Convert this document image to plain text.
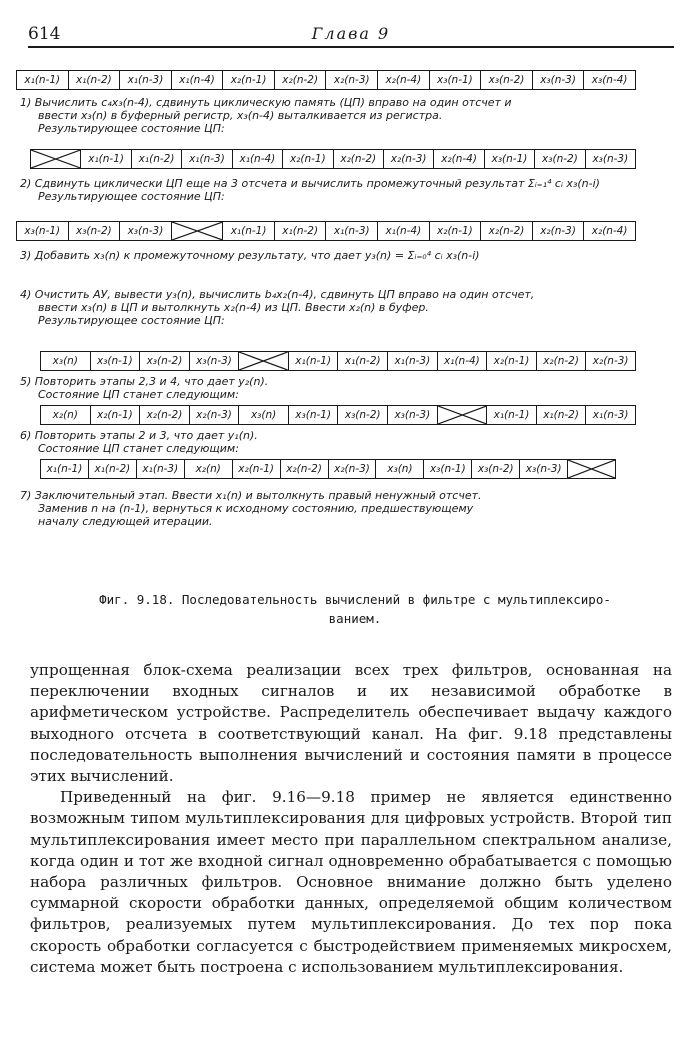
614	Глава 9
x₁(n-1)	x₁(n-2)	x₁(n-3)	x₁(n-4)	x₂(n-1)	x₂(n-2)	x₂(n-3)	x₂(n-4)	x₃(n-1)	x₃(n-2)	x₃(n-3)	x₃(n-4)

1) Вычислить c₄x₃(n-4), сдвинуть циклическую память (ЦП) вправо на один отсчет и

ввести x₃(n) в буферный регистр, x₃(n-4) выталкивается из регистра.

Результирующее состояние ЦП:

x₁(n-1)	x₁(n-2)	x₁(n-3)	x₁(n-4)	x₂(n-1)	x₂(n-2)	x₂(n-3)	x₂(n-4)	x₃(n-1)	x₃(n-2)	x₃(n-3)

2) Сдвинуть циклически ЦП еще на 3 отсчета и вычислить промежуточный результат Σᵢ₌₁⁴ cᵢ x₃(n-i)

Результирующее состояние ЦП:

x₃(n-1)	x₃(n-2)	x₃(n-3)	x₁(n-1)	x₁(n-2)	x₁(n-3)	x₁(n-4)	x₂(n-1)	x₂(n-2)	x₂(n-3)	x₂(n-4)

3) Добавить x₃(n) к промежуточному результату, что дает y₃(n) = Σᵢ₌₀⁴ cᵢ x₃(n-i)

4) Очистить АУ, вывести y₃(n), вычислить b₄x₂(n-4), сдвинуть ЦП вправо на один отсчет,

ввести x₃(n) в ЦП и вытолкнуть x₂(n-4) из ЦП. Ввести x₂(n) в буфер.

Результирующее состояние ЦП:

x₃(n)	x₃(n-1)	x₃(n-2)	x₃(n-3)	x₁(n-1)	x₁(n-2)	x₁(n-3)	x₁(n-4)	x₂(n-1)	x₂(n-2)	x₂(n-3)

5) Повторить этапы 2,3 и 4, что дает y₂(n).

Состояние ЦП станет следующим:

x₂(n)	x₂(n-1)	x₂(n-2)	x₂(n-3)	x₃(n)	x₃(n-1)	x₃(n-2)	x₃(n-3)	x₁(n-1)	x₁(n-2)	x₁(n-3)

6) Повторить этапы 2 и 3, что дает y₁(n).

Состояние ЦП станет следующим:

x₁(n-1)	x₁(n-2)	x₁(n-3)	x₂(n)	x₂(n-1)	x₂(n-2)	x₂(n-3)	x₃(n)	x₃(n-1)	x₃(n-2)	x₃(n-3)

7) Заключительный этап. Ввести x₁(n) и вытолкнуть правый ненужный отсчет.

Заменив n на (n-1), вернуться к исходному состоянию, предшествующему

началу следующей итерации.

Фиг. 9.18. Последовательность вычислений в фильтре с мультиплексиро-
ванием.

упрощенная блок-схема реализации всех трех фильтров, основанная на переключении входных сигналов и их независимой обработке в арифметическом устройстве. Распределитель обеспечивает выдачу каждого выходного отсчета в соответствующий канал. На фиг. 9.18 представлены последовательность выполнения вычислений и состояния памяти в процессе этих вычислений.

Приведенный на фиг. 9.16—9.18 пример не является единственно возможным типом мультиплексирования для цифровых устройств. Второй тип мультиплексирования имеет место при параллельном спектральном анализе, когда один и тот же входной сигнал одновременно обрабатывается с помощью набора различных фильтров. Основное внимание должно быть уделено суммарной скорости обработки данных, определяемой общим количеством фильтров, реализуемых путем мультиплексирования. До тех пор пока скорость обработки согласуется с быстродействием применяемых микросхем, система может быть построена с использованием мультиплексирования.
